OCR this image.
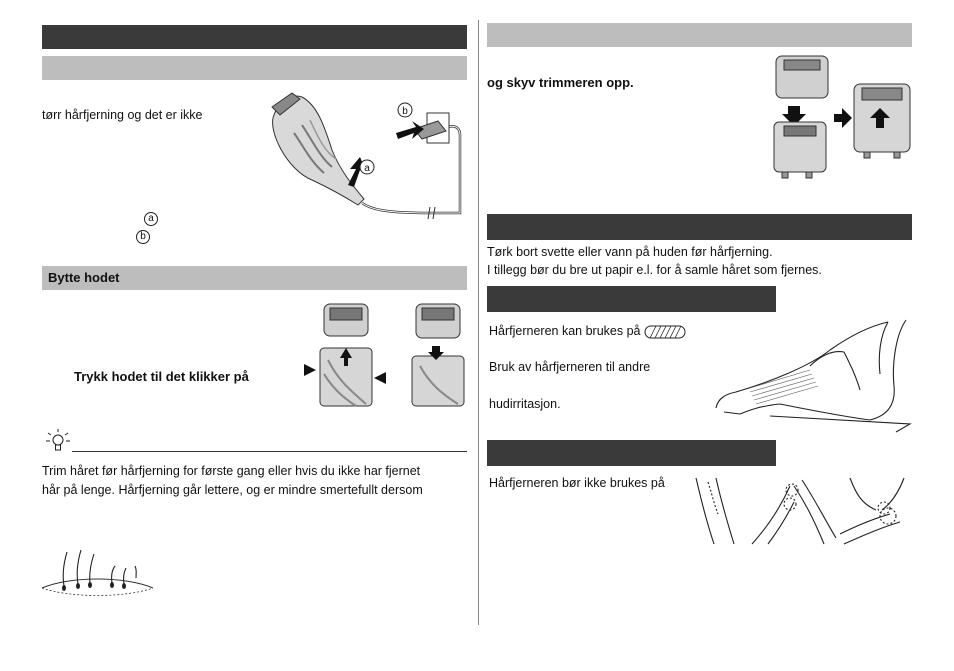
tørr hårfjerning og det er ikke	b
a
a
b
Bytte hodet
Trykk hodet til det klikker på
Trim håret før hårfjerning for første gang eller hvis du ikke har fjernet
hår på lenge. Hårfjerning går lettere, og er mindre smertefullt dersom
og skyv trimmeren opp.
Tørk bort svette eller vann på huden før hårfjerning.
I tillegg bør du bre ut papir e.l. for å samle håret som fjernes.
Hårfjerneren kan brukes på
Bruk av hårfjerneren til andre
hudirritasjon.
Hårfjerneren bør ikke brukes på
